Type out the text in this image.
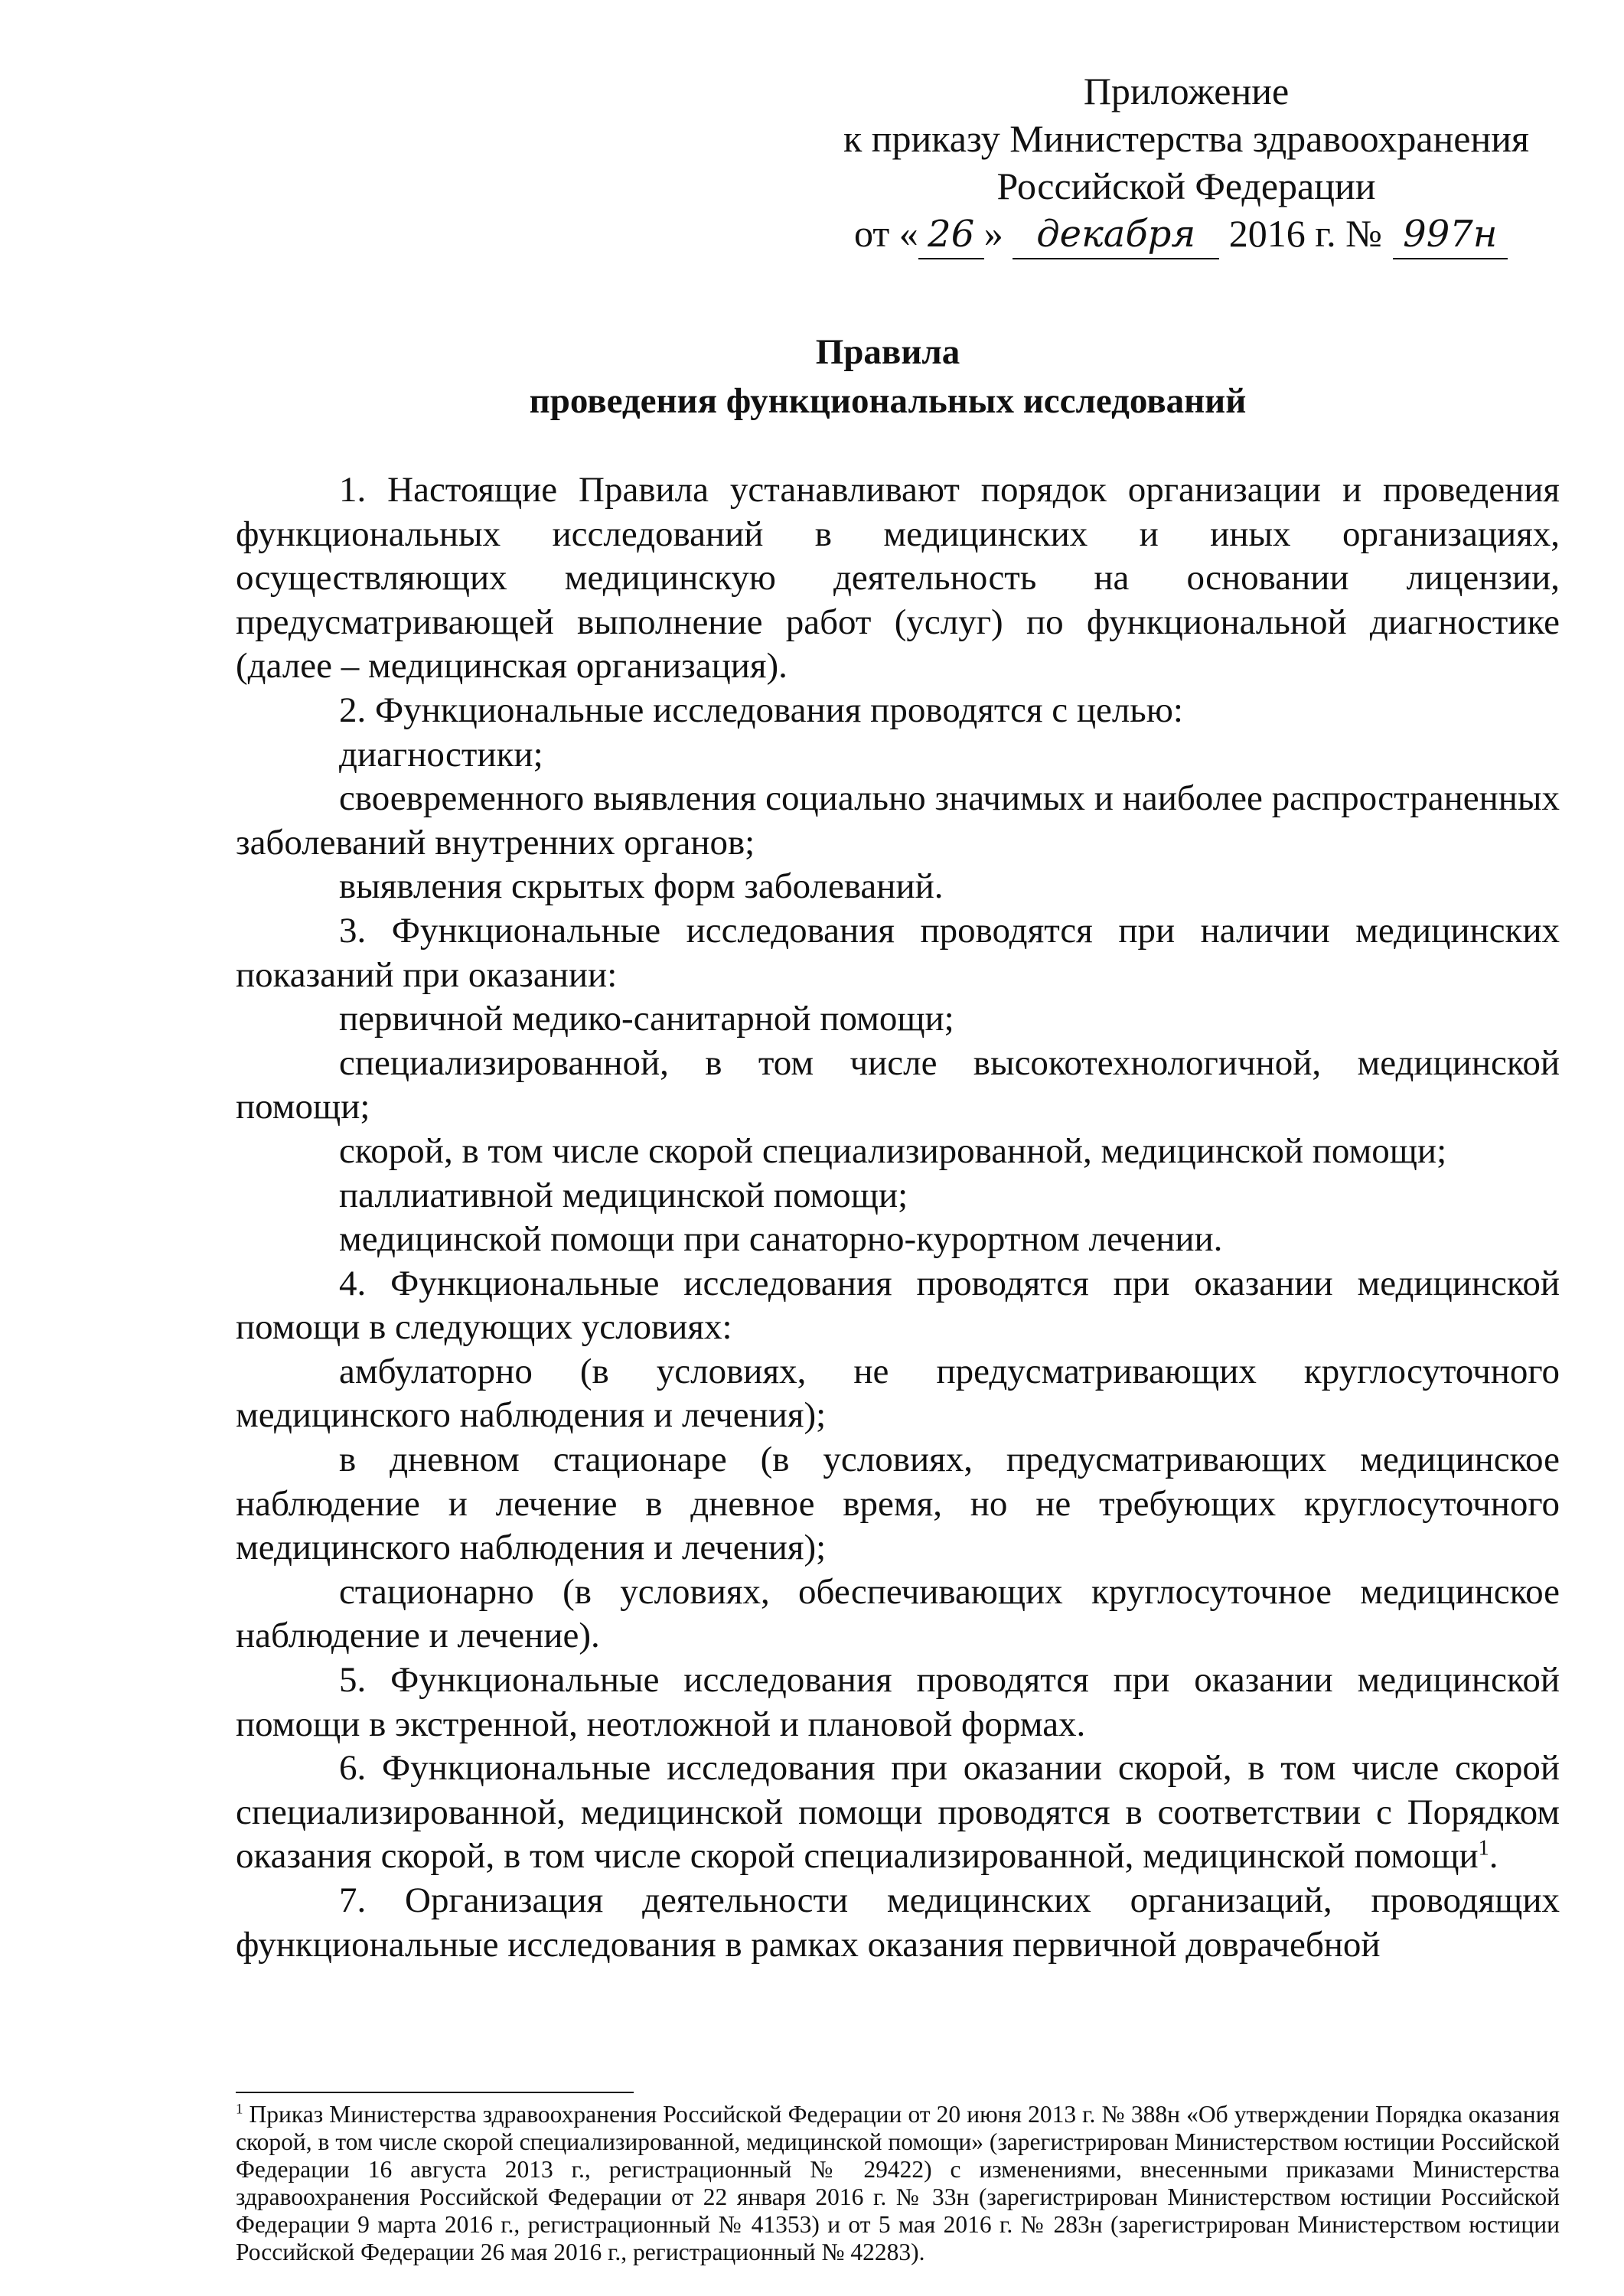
Приложение
к приказу Министерства здравоохранения
Российской Федерации
от « 26 » декабря 2016 г. № 997н
Правила
проведения функциональных исследований

1. Настоящие Правила устанавливают порядок организации и проведения функциональных исследований в медицинских и иных организациях, осуществляющих медицинскую деятельность на основании лицензии, предусматривающей выполнение работ (услуг) по функциональной диагностике (далее – медицинская организация).

2. Функциональные исследования проводятся с целью:

диагностики;

своевременного выявления социально значимых и наиболее распространенных заболеваний внутренних органов;

выявления скрытых форм заболеваний.

3. Функциональные исследования проводятся при наличии медицинских показаний при оказании:

первичной медико-санитарной помощи;

специализированной, в том числе высокотехнологичной, медицинской помощи;

скорой, в том числе скорой специализированной, медицинской помощи;

паллиативной медицинской помощи;

медицинской помощи при санаторно-курортном лечении.

4. Функциональные исследования проводятся при оказании медицинской помощи в следующих условиях:

амбулаторно (в условиях, не предусматривающих круглосуточного медицинского наблюдения и лечения);

в дневном стационаре (в условиях, предусматривающих медицинское наблюдение и лечение в дневное время, но не требующих круглосуточного медицинского наблюдения и лечения);

стационарно (в условиях, обеспечивающих круглосуточное медицинское наблюдение и лечение).

5. Функциональные исследования проводятся при оказании медицинской помощи в экстренной, неотложной и плановой формах.

6. Функциональные исследования при оказании скорой, в том числе скорой специализированной, медицинской помощи проводятся в соответствии с Порядком оказания скорой, в том числе скорой специализированной, медицинской помощи$^1$.

7. Организация деятельности медицинских организаций, проводящих функциональные исследования в рамках оказания первичной доврачебной

$^1$ Приказ Министерства здравоохранения Российской Федерации от 20 июня 2013 г. № 388н «Об утверждении Порядка оказания скорой, в том числе скорой специализированной, медицинской помощи» (зарегистрирован Министерством юстиции Российской Федерации 16 августа 2013 г., регистрационный № 29422) с изменениями, внесенными приказами Министерства здравоохранения Российской Федерации от 22 января 2016 г. № 33н (зарегистрирован Министерством юстиции Российской Федерации 9 марта 2016 г., регистрационный № 41353) и от 5 мая 2016 г. № 283н (зарегистрирован Министерством юстиции Российской Федерации 26 мая 2016 г., регистрационный № 42283).
